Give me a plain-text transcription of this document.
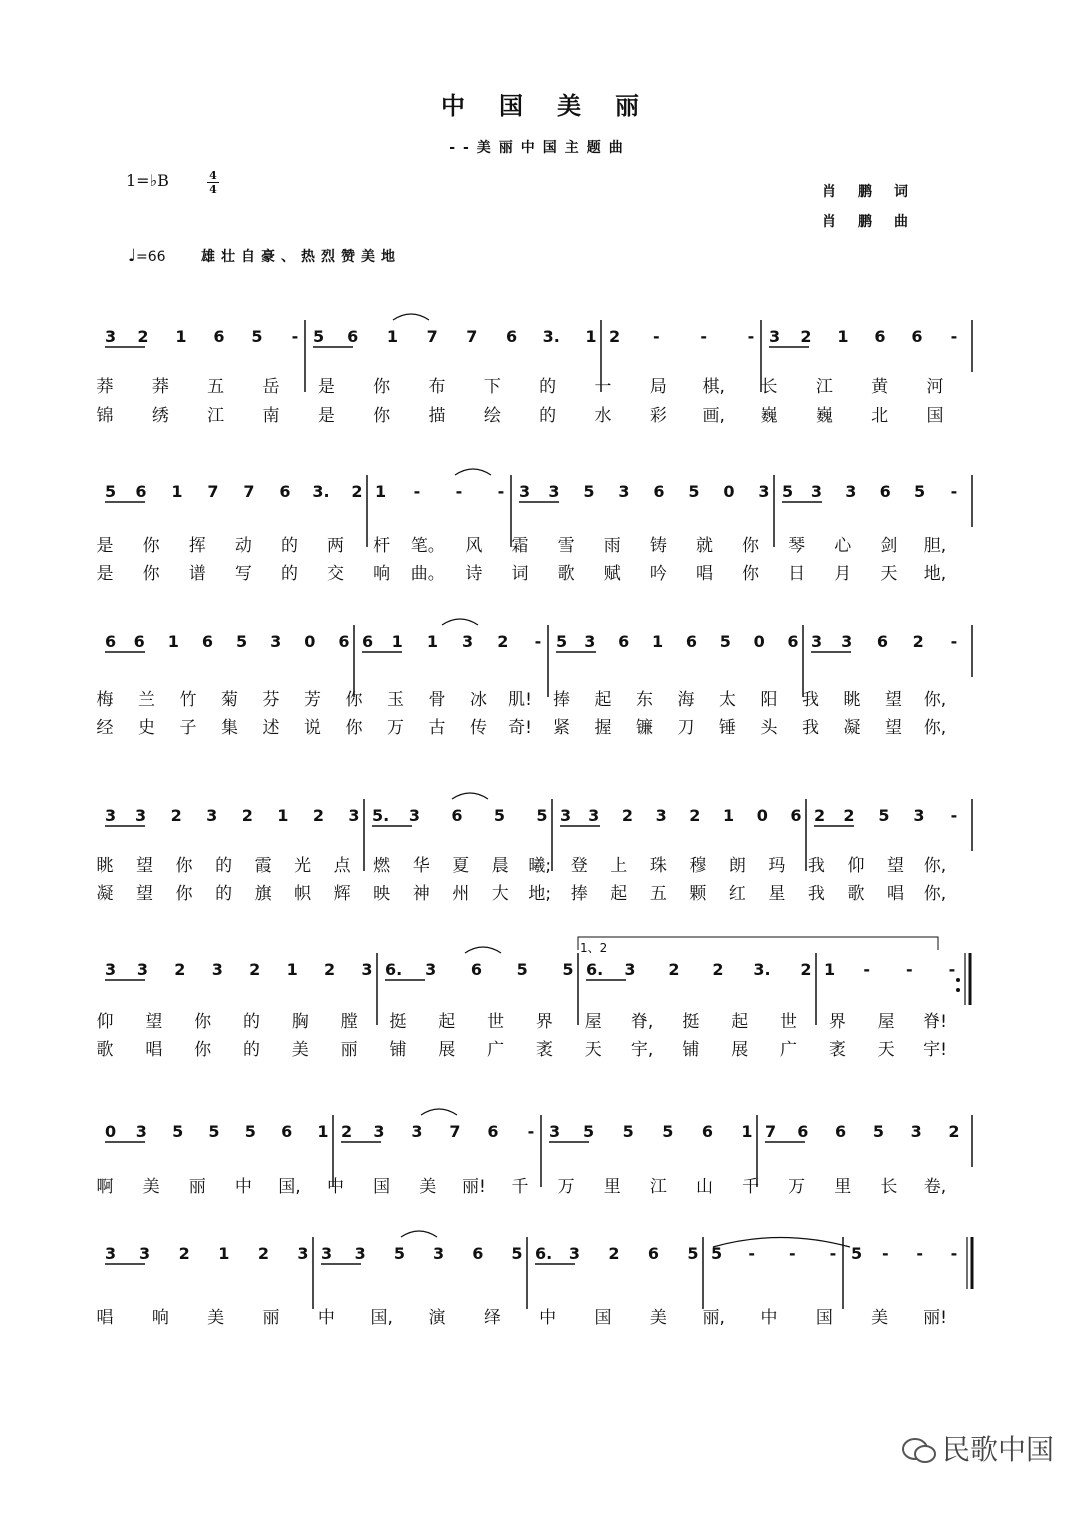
中国美丽
--美丽中国主题曲
1=♭B	4
4	肖鹏词
肖鹏曲
♩=66	雄壮自豪、热烈赞美地
3 2 1 6 5 - 5 6 1 7 7 6 3. 1 2 -	-	- 3 2 1 6 6 -
莽 莽 五 岳 是 你 布 下 的 一 局 棋, 长 江 黄 河
锦 绣 江 南 是 你 描 绘 的 水 彩 画, 巍 巍 北 国
5 6 1 7 7 6 3. 2 1 - - - 3 3 5 3 6 5 0 3 5 3 3 6 5 -
是 你 挥 动 的 两 杆 笔。 风 霜 雪 雨 铸 就 你 琴 心 剑 胆,
是 你 谱 写 的 交 响 曲。 诗 词 歌 赋 吟 唱 你 日 月 天 地,
6 6 1 6 5 3 0 6 6 1 1 3 2 - 5 3 6 1 6 5 0 6 3 3 6 2 -
梅 兰 竹 菊 芬 芳 你 玉 骨 冰 肌! 捧 起 东 海 太 阳 我 眺 望 你,
经 史 子 集 述 说 你 万 古 传 奇! 紧 握 镰 刀 锤 头 我 凝 望 你,
3 3 2 3 2 1 2 3 5. 3 6 5 5 3 3 2 3 2 1 0 6 2 2 5 3 -
眺 望 你 的 霞 光 点 燃 华 夏 晨 曦; 登 上 珠 穆 朗 玛 我 仰 望 你,
凝 望 你 的 旗 帜 辉 映 神 州 大 地; 捧 起 五 颗 红 星 我 歌 唱 你,
3 3 2 3 2 1 2 3 6. 3 6 5 5 6. 3 2 2 3. 2 1 - - -
仰 望 你 的 胸 膛 挺 起 世 界 屋 脊, 挺 起 世 界 屋 脊!
歌 唱 你 的 美 丽 铺 展 广 袤 天 宇, 铺 展 广 袤 天 宇!
0 3 5 5 5 6 1 2 3 3 7 6 - 3 5 5 5 6 1 7 6 6 5 3 2
啊 美 丽 中 国, 中 国 美 丽! 千 万 里 江 山 千 万 里 长 卷,
3 3 2 1 2 3 3 3 5 3 6 5 6. 3 2 6 5 5 - - - 5 - - -
唱 响 美 丽 中 国, 演 绎 中 国 美 丽, 中 国 美 丽!
1、2
民歌中国
